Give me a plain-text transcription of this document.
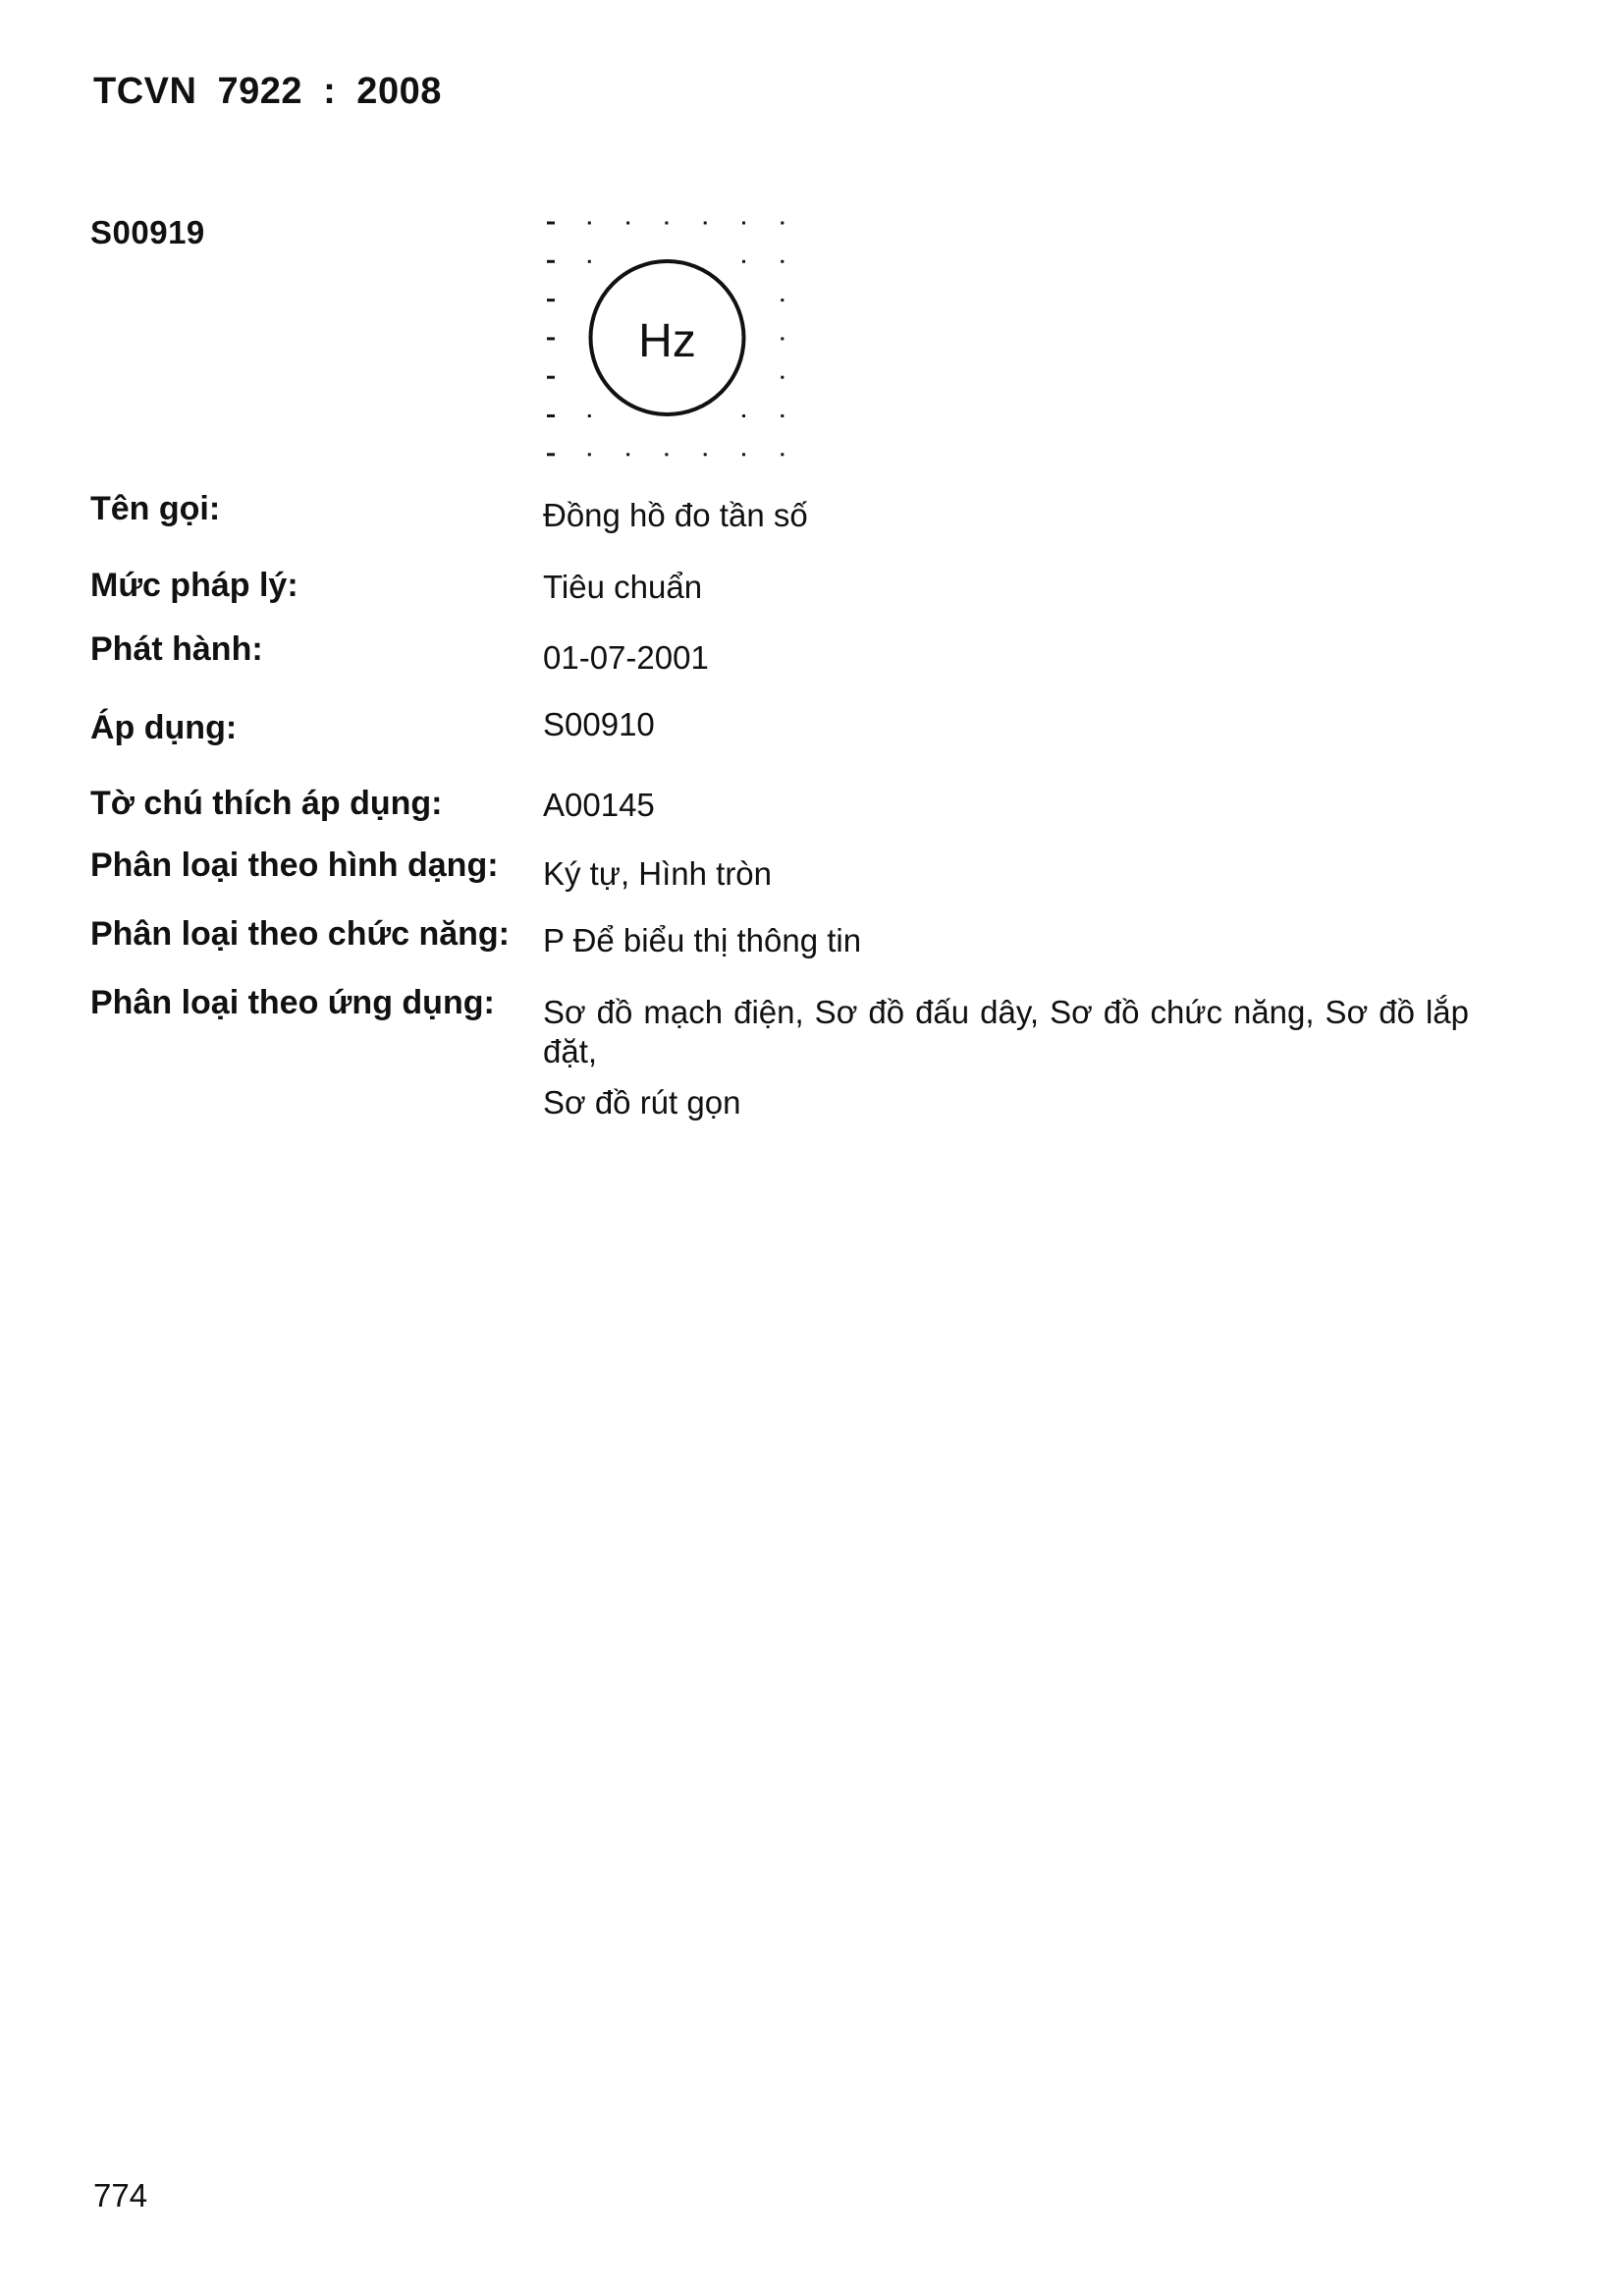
TCVN 7922 : 2008
S00919
Hz
Tên gọi:	Đồng hồ đo tần số
Mức pháp lý:	Tiêu chuẩn
Phát hành:	01-07-2001
Áp dụng:	S00910
Tờ chú thích áp dụng:	A00145
Phân loại theo hình dạng: Ký tự, Hình tròn
Phân loại theo chức năng: P Để biểu thị thông tin
Phân loại theo ứng dụng: Sơ đồ mạch điện, Sơ đồ đấu dây, Sơ đồ chức năng, Sơ đồ lắp đặt,
Sơ đồ rút gọn
774
